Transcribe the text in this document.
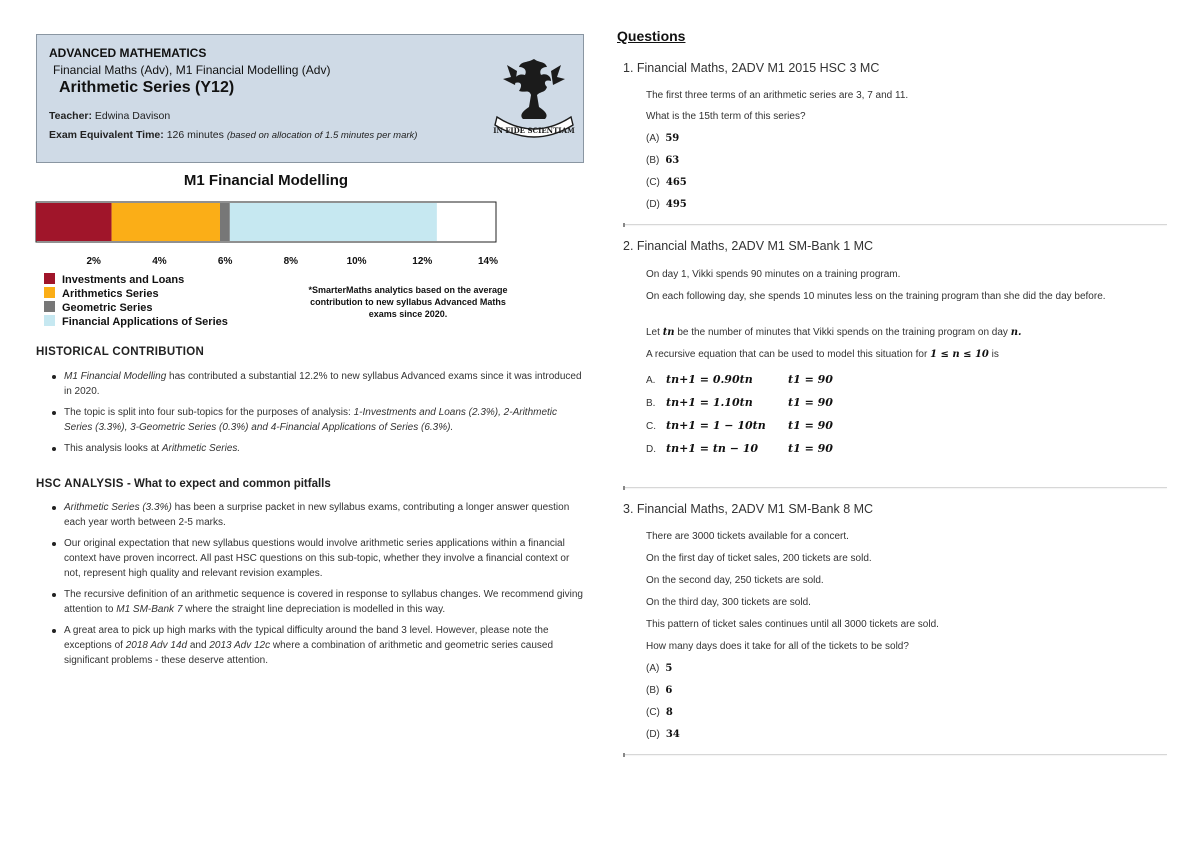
ADVANCED MATHEMATICS
Financial Maths (Adv), M1 Financial Modelling (Adv)
Arithmetic Series (Y12)
Teacher: Edwina Davison
Exam Equivalent Time: 126 minutes (based on allocation of 1.5 minutes per mark)	IN FIDE SCIENTIAM
M1 Financial Modelling
2%	4%	6%	8%	10%	12%	14%
Investments and Loans
Arithmetics Series
Geometric Series
Financial Applications of Series
*SmarterMaths analytics based on the average contribution to new syllabus Advanced Maths exams since 2020.
HISTORICAL CONTRIBUTION
M1 Financial Modelling has contributed a substantial 12.2% to new syllabus Advanced exams since it was introduced in 2020.
The topic is split into four sub-topics for the purposes of analysis: 1-Investments and Loans (2.3%), 2-Arithmetic Series (3.3%), 3-Geometric Series (0.3%) and 4-Financial Applications of Series (6.3%).
This analysis looks at Arithmetic Series.
HSC ANALYSIS - What to expect and common pitfalls
Arithmetic Series (3.3%) has been a surprise packet in new syllabus exams, contributing a longer answer question each year worth between 2-5 marks.
Our original expectation that new syllabus questions would involve arithmetic series applications within a financial context have proven incorrect. All past HSC questions on this sub-topic, whether they involve a financial context or not, represent high quality and relevant revision examples.
The recursive definition of an arithmetic sequence is covered in response to syllabus changes. We recommend giving attention to M1 SM-Bank 7 where the straight line depreciation is modelled in this way.
A great area to pick up high marks with the typical difficulty around the band 3 level. However, please note the exceptions of 2018 Adv 14d and 2013 Adv 12c where a combination of arithmetic and geometric series caused significant problems - these deserve attention.
Questions
1. Financial Maths, 2ADV M1 2015 HSC 3 MC
The first three terms of an arithmetic series are 3, 7 and 11.
What is the 15th term of this series?
(A) 59
(B) 63
(C) 465
(D) 495
2. Financial Maths, 2ADV M1 SM-Bank 1 MC
On day 1, Vikki spends 90 minutes on a training program.
On each following day, she spends 10 minutes less on the training program than she did the day before.
Let tn be the number of minutes that Vikki spends on the training program on day n.
A recursive equation that can be used to model this situation for 1 ≤ n ≤ 10 is
A. tn+1 = 0.90tn	t1 = 90
B. tn+1 = 1.10tn	t1 = 90
C. tn+1 = 1 − 10tn t1 = 90
D. tn+1 = tn − 10	t1 = 90
3. Financial Maths, 2ADV M1 SM-Bank 8 MC
There are 3000 tickets available for a concert.
On the first day of ticket sales, 200 tickets are sold.
On the second day, 250 tickets are sold.
On the third day, 300 tickets are sold.
This pattern of ticket sales continues until all 3000 tickets are sold.
How many days does it take for all of the tickets to be sold?
(A) 5
(B) 6
(C) 8
(D) 34
